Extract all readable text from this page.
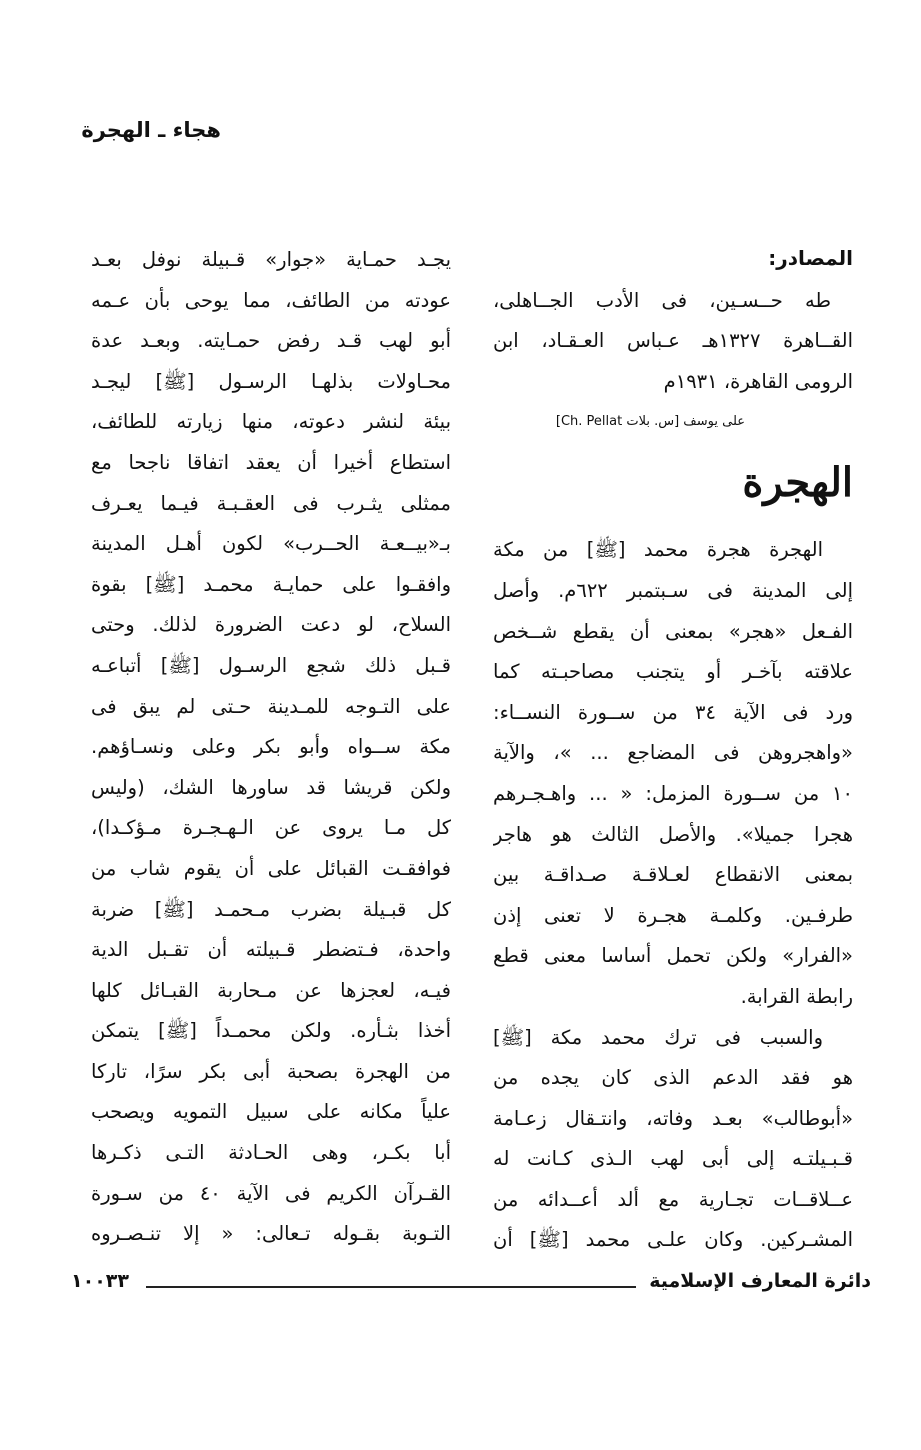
هجاء ـ الهجرة
المصادر:
طه حــسـين، فى الأدب الجــاهلى،
القــاهرة ١٣٢٧هـ عـباس العـقـاد، ابن
الرومى القاهرة، ١٩٣١م
على يوسف [س. بلات Ch. Pellat]
الهجرة
الهجرة هجرة محمد [ﷺ] من مكة
إلى المدينة فى سـبتمبر ٦٢٢م. وأصل
الفـعل «هجر» بمعنى أن يقطع شــخص
علاقته بآخـر أو يتجنب مصاحبـته كما
ورد فى الآية ٣٤ من ســورة النســاء:
«واهجروهن فى المضاجع ... »، والآية
١٠ من ســورة المزمل: « ... واهـجـرهم
هجرا جميلا». والأصل الثالث هو هاجر
بمعنى الانقطاع لعـلاقـة صـداقـة بين
طرفـين. وكلمـة هجـرة لا تعنى إذن
«الفرار» ولكن تحمل أساسا معنى قطع
رابطة القرابة.
والسبب فى ترك محمد مكة [ﷺ]
هو فقد الدعم الذى كان يجده من
«أبوطالب» بعـد وفاته، وانتـقال زعـامة
قـبـيلتـه إلى أبى لهب الـذى كـانت له
عــلاقــات تجـارية مع ألد أعــدائه من
المشـركين. وكان علـى محمد [ﷺ] أن
يجـد حمـاية «جوار» قـبيلة نوفل بعـد
عودته من الطائف، مما يوحى بأن عـمه
أبو لهب قـد رفض حمـايته. وبعـد عدة
محـاولات بذلهـا الرسـول [ﷺ] ليجـد
بيئة لنشر دعوته، منها زيارته للطائف،
استطاع أخيرا أن يعقد اتفاقا ناجحا مع
ممثلى يثـرب فى العقـبـة فيـما يعـرف
بـ«بيــعـة الحــرب» لكون أهـل المدينة
وافقـوا على حمايـة محمـد [ﷺ] بقوة
السلاح، لو دعت الضرورة لذلك. وحتى
قـبل ذلك شجع الرسـول [ﷺ] أتباعـه
على التـوجه للمـدينة حـتى لم يبق فى
مكة ســواه وأبو بكر وعلى ونسـاؤهم.
ولكن قريشا قد ساورها الشك، (وليس
كل مـا يروى عن الـهـجـرة مـؤكـدا)،
فوافقـت القبائل على أن يقوم شاب من
كل قبـيلة بضرب مـحمـد [ﷺ] ضربة
واحدة، فـتضطر قـبيلته أن تقـبل الدية
فيـه، لعجزها عن مـحاربة القبـائل كلها
أخذا بثـأره. ولكن محمـداً [ﷺ] يتمكن
من الهجرة بصحبة أبى بكر سرًا، تاركا
علياً مكانه على سبيل التمويه ويصحب
أبا بكـر، وهى الحـادثة التـى ذكـرها
القـرآن الكريم فى الآية ٤٠ من سـورة
التـوبة بقـوله تـعالى: « إلا تنـصـروه
دائرة المعارف الإسلامية
١٠٠٣٣
